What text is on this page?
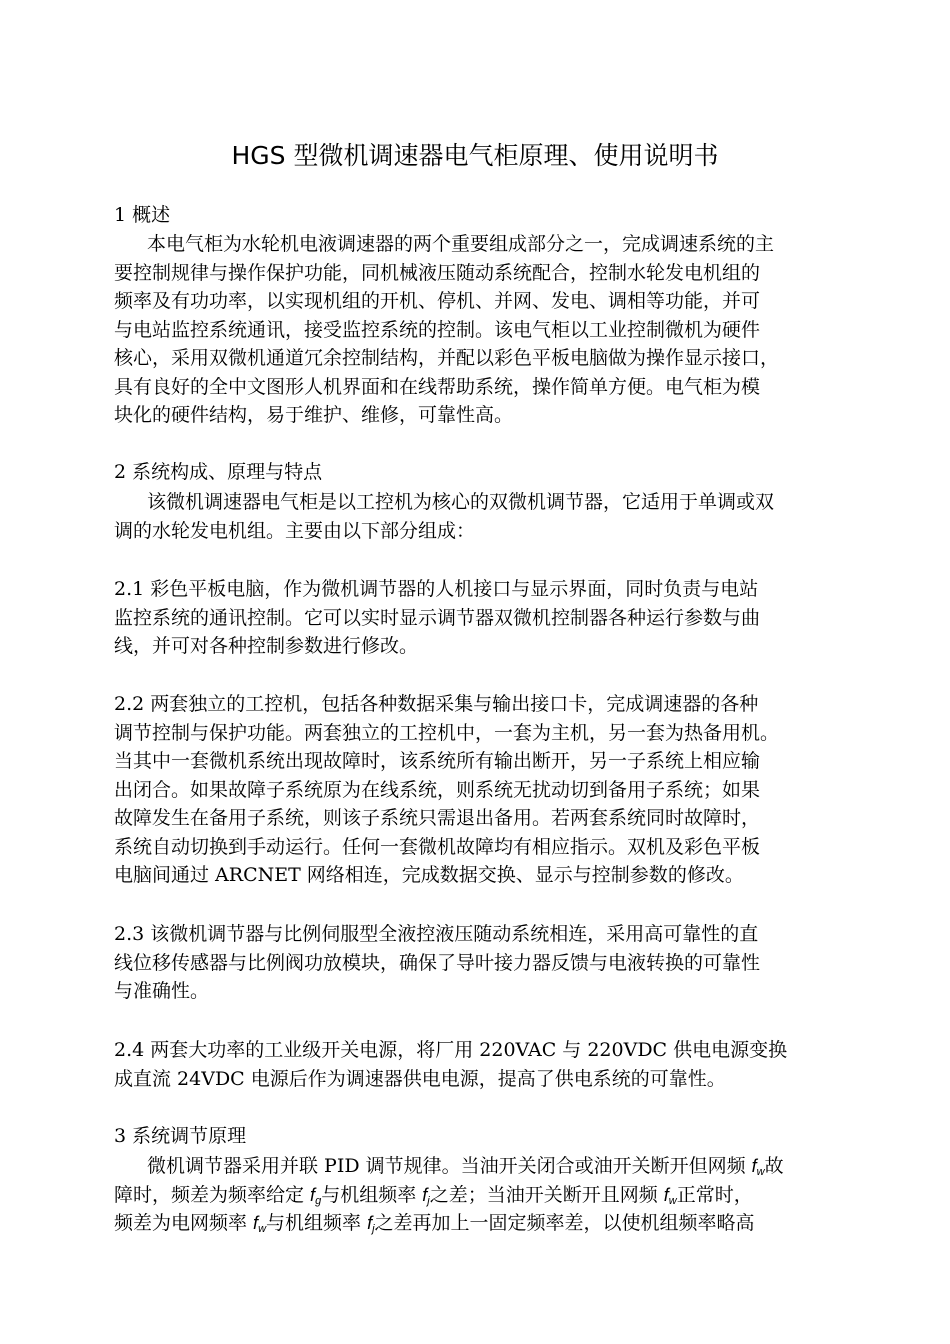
HGS 型微机调速器电气柜原理、使用说明书
1 概述
本电气柜为水轮机电液调速器的两个重要组成部分之一，完成调速系统的主
要控制规律与操作保护功能，同机械液压随动系统配合，控制水轮发电机组的
频率及有功功率，以实现机组的开机、停机、并网、发电、调相等功能，并可
与电站监控系统通讯，接受监控系统的控制。该电气柜以工业控制微机为硬件
核心，采用双微机通道冗余控制结构，并配以彩色平板电脑做为操作显示接口，
具有良好的全中文图形人机界面和在线帮助系统，操作简单方便。电气柜为模
块化的硬件结构，易于维护、维修，可靠性高。
2 系统构成、原理与特点
该微机调速器电气柜是以工控机为核心的双微机调节器，它适用于单调或双
调的水轮发电机组。主要由以下部分组成：
2.1 彩色平板电脑，作为微机调节器的人机接口与显示界面，同时负责与电站
监控系统的通讯控制。它可以实时显示调节器双微机控制器各种运行参数与曲
线，并可对各种控制参数进行修改。
2.2 两套独立的工控机，包括各种数据采集与输出接口卡，完成调速器的各种
调节控制与保护功能。两套独立的工控机中，一套为主机，另一套为热备用机。
当其中一套微机系统出现故障时，该系统所有输出断开，另一子系统上相应输
出闭合。如果故障子系统原为在线系统，则系统无扰动切到备用子系统；如果
故障发生在备用子系统，则该子系统只需退出备用。若两套系统同时故障时，
系统自动切换到手动运行。任何一套微机故障均有相应指示。双机及彩色平板
电脑间通过 ARCNET 网络相连，完成数据交换、显示与控制参数的修改。
2.3 该微机调节器与比例伺服型全液控液压随动系统相连，采用高可靠性的直
线位移传感器与比例阀功放模块，确保了导叶接力器反馈与电液转换的可靠性
与准确性。
2.4 两套大功率的工业级开关电源，将厂用 220VAC 与 220VDC 供电电源变换
成直流 24VDC 电源后作为调速器供电电源，提高了供电系统的可靠性。
3 系统调节原理
微机调节器采用并联 PID 调节规律。当油开关闭合或油开关断开但网频 $f_w$故
障时，频差为频率给定 $f_g$与机组频率 $f_j$之差；当油开关断开且网频 $f_w$正常时，
频差为电网频率 $f_w$与机组频率 $f_j$之差再加上一固定频率差，以使机组频率略高
